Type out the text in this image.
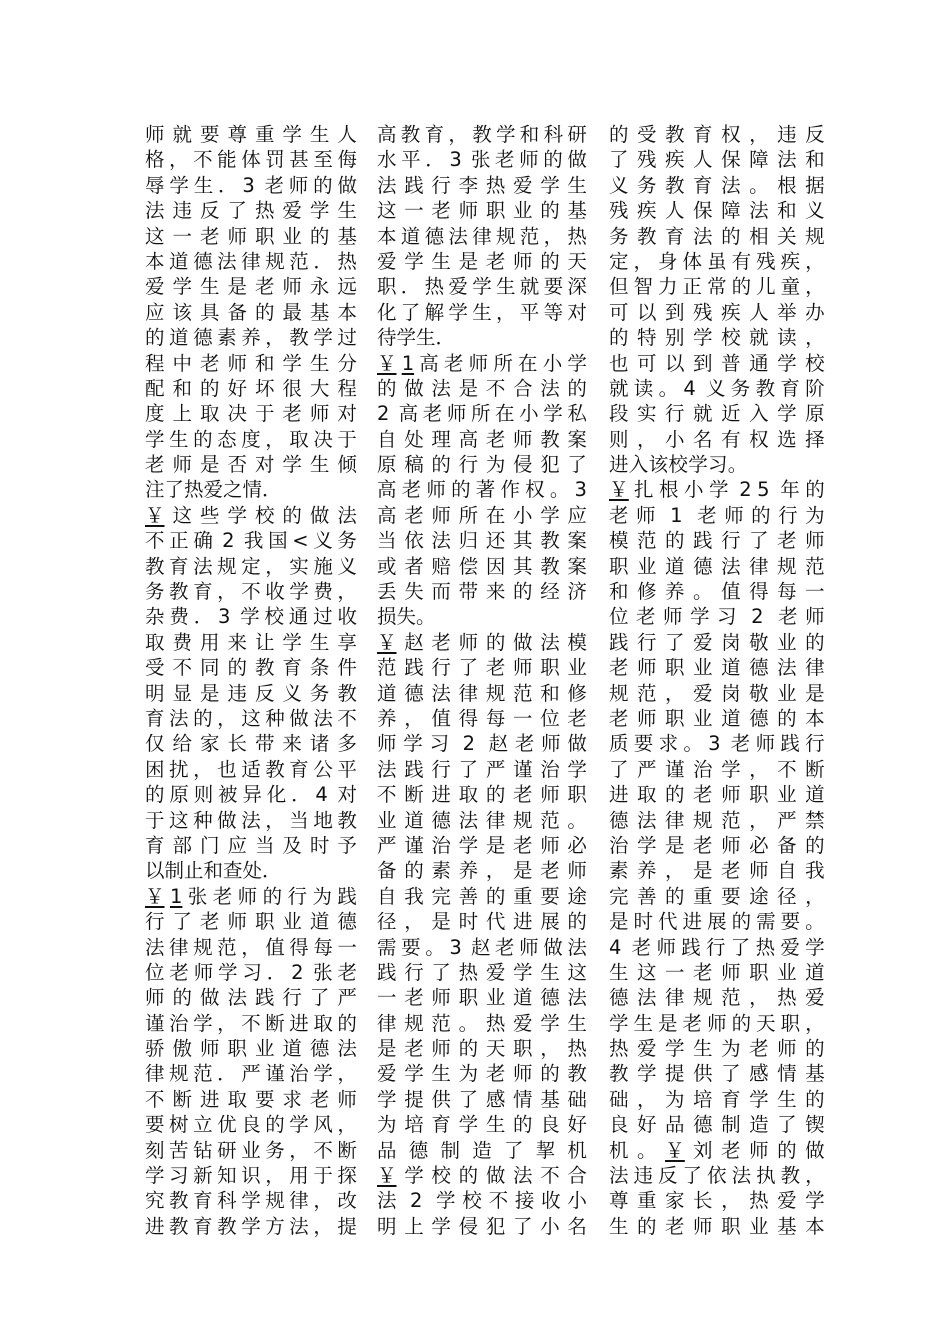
师 就 要 尊 重 学 生 人
格 ， 不 能 体 罚 甚 至 侮
辱 学 生 ． 3 老 师 的 做
法 违 反 了 热 爱 学 生
这 一 老 师 职 业 的 基
本 道 德 法 律 规 范 ． 热
爱 学 生 是 老 师 永 远
应 该 具 备 的 最 基 本
的 道 德 素 养 ， 教 学 过
程 中 老 师 和 学 生 分
配 和 的 好 坏 很 大 程
度 上 取 决 于 老 师 对
学 生 的 态 度 ， 取 决 于
老 师 是 否 对 学 生 倾
注了热爱之情．
￥ 这 些 学 校 的 做 法
不 正 确 2 我 国 < 义 务
教 育 法 规 定 ， 实 施 义
务 教 育 ， 不 收 学 费 ，
杂 费 ． 3 学 校 通 过 收
取 费 用 来 让 学 生 享
受 不 同 的 教 育 条 件
明 显 是 违 反 义 务 教
育 法 的 ， 这 种 做 法 不
仅 给 家 长 带 来 诸 多
困 扰 ， 也 适 教 育 公 平
的 原 则 被 异 化 ． 4 对
于 这 种 做 法 ， 当 地 教
育 部 门 应 当 及 时 予
以制止和查处．
￥ 1 张 老 师 的 行 为 践
行 了 老 师 职 业 道 德
法 律 规 范 ， 值 得 每 一
位 老 师 学 习 ． 2 张 老
师 的 做 法 践 行 了 严
谨 治 学 ， 不 断 进 取 的
骄 傲 师 职 业 道 德 法
律 规 范 ． 严 谨 治 学 ，
不 断 进 取 要 求 老 师
要 树 立 优 良 的 学 风 ，
刻 苦 钻 研 业 务 ， 不 断
学 习 新 知 识 ， 用 于 探
究 教 育 科 学 规 律 ， 改
进 教 育 教 学 方 法 ， 提
高 教 育 ， 教 学 和 科 研
水 平 ． 3 张 老 师 的 做
法 践 行 李 热 爱 学 生
这 一 老 师 职 业 的 基
本 道 德 法 律 规 范 ， 热
爱 学 生 是 老 师 的 天
职 ． 热 爱 学 生 就 要 深
化 了 解 学 生 ， 平 等 对
待学生．
￥ 1 高 老 师 所 在 小 学
的 做 法 是 不 合 法 的
2 高 老 师 所 在 小 学 私
自 处 理 高 老 师 教 案
原 稿 的 行 为 侵 犯 了
高 老 师 的 著 作 权 。 3
高 老 师 所 在 小 学 应
当 依 法 归 还 其 教 案
或 者 赔 偿 因 其 教 案
丢 失 而 带 来 的 经 济
损失。
￥ 赵 老 师 的 做 法 模
范 践 行 了 老 师 职 业
道 德 法 律 规 范 和 修
养 ， 值 得 每 一 位 老
师 学 习 2 赵 老 师 做
法 践 行 了 严 谨 治 学
不 断 进 取 的 老 师 职
业 道 德 法 律 规 范 。
严 谨 治 学 是 老 师 必
备 的 素 养 ， 是 老 师
自 我 完 善 的 重 要 途
径 ， 是 时 代 进 展 的
需 要 。 3 赵 老 师 做 法
践 行 了 热 爱 学 生 这
一 老 师 职 业 道 德 法
律 规 范 。 热 爱 学 生
是 老 师 的 天 职 ， 热
爱 学 生 为 老 师 的 教
学 提 供 了 感 情 基 础
为 培 育 学 生 的 良 好
品 德 制 造 了 挈 机
￥ 学 校 的 做 法 不 合
法 2 学 校 不 接 收 小
明 上 学 侵 犯 了 小 名
的 受 教 育 权 ， 违 反
了 残 疾 人 保 障 法 和
义 务 教 育 法 。 根 据
残 疾 人 保 障 法 和 义
务 教 育 法 的 相 关 规
定 ， 身 体 虽 有 残 疾 ，
但 智 力 正 常 的 儿 童 ，
可 以 到 残 疾 人 举 办
的 特 别 学 校 就 读 ，
也 可 以 到 普 通 学 校
就 读 。 4 义 务 教 育 阶
段 实 行 就 近 入 学 原
则 ， 小 名 有 权 选 择
进入该校学习。
￥ 扎 根 小 学 2 5 年 的
老 师 1 老 师 的 行 为
模 范 的 践 行 了 老 师
职 业 道 德 法 律 规 范
和 修 养 。 值 得 每 一
位 老 师 学 习 2 老 师
践 行 了 爱 岗 敬 业 的
老 师 职 业 道 德 法 律
规 范 ， 爱 岗 敬 业 是
老 师 职 业 道 德 的 本
质 要 求 。 3 老 师 践 行
了 严 谨 治 学 ， 不 断
进 取 的 老 师 职 业 道
德 法 律 规 范 ， 严 禁
治 学 是 老 师 必 备 的
素 养 ， 是 老 师 自 我
完 善 的 重 要 途 径 ，
是 时 代 进 展 的 需 要 。
4 老 师 践 行 了 热 爱 学
生 这 一 老 师 职 业 道
德 法 律 规 范 ， 热 爱
学 生 是 老 师 的 天 职 ，
热 爱 学 生 为 老 师 的
教 学 提 供 了 感 情 基
础 ， 为 培 育 学 生 的
良 好 品 德 制 造 了 锲
机 。 ￥ 刘 老 师 的 做
法 违 反 了 依 法 执 教 ，
尊 重 家 长 ， 热 爱 学
生 的 老 师 职 业 基 本
